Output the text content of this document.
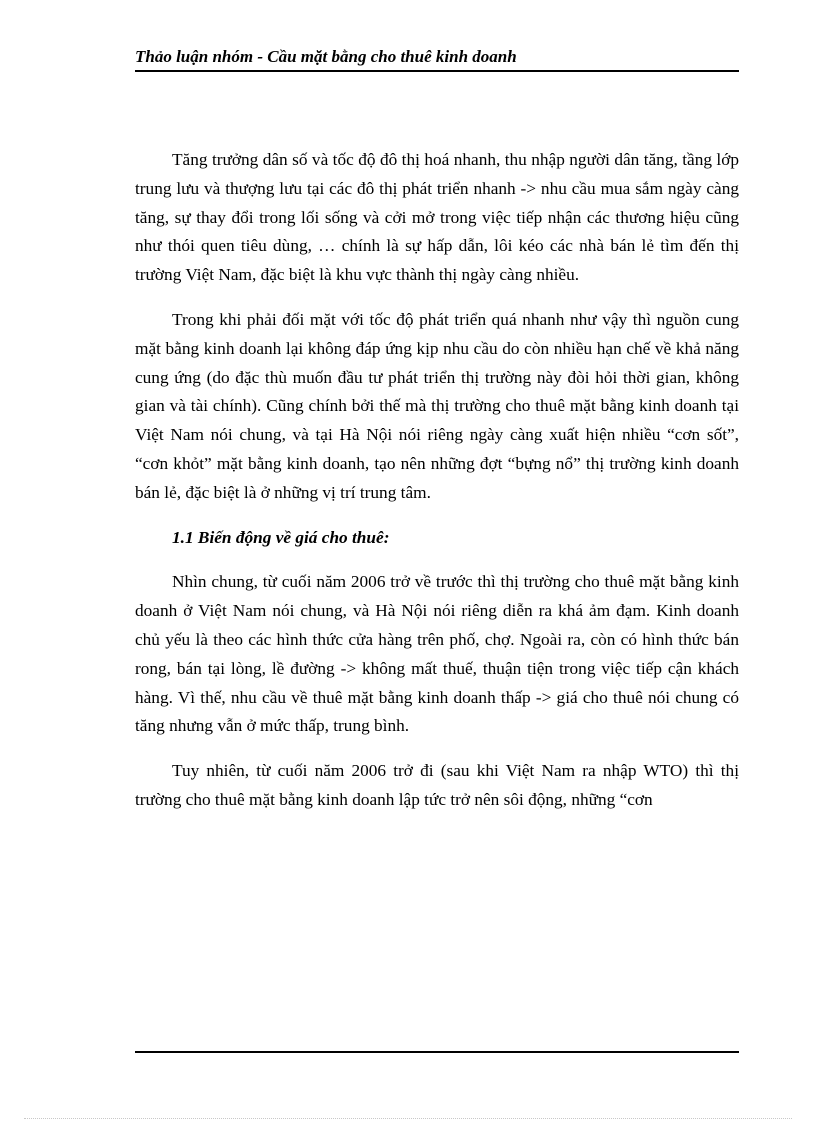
Thảo luận nhóm - Cầu mặt bằng cho thuê kinh doanh

Tăng trưởng dân số và tốc độ đô thị hoá nhanh, thu nhập người dân tăng, tầng lớp trung lưu và thượng lưu tại các đô thị phát triển nhanh -> nhu cầu mua sắm ngày càng tăng, sự thay đổi trong lối sống và cởi mở trong việc tiếp nhận các thương hiệu cũng như thói quen tiêu dùng, … chính là sự hấp dẫn, lôi kéo các nhà bán lẻ tìm đến thị trường Việt Nam, đặc biệt là khu vực thành thị ngày càng nhiều.

Trong khi phải đối mặt với tốc độ phát triển quá nhanh như vậy thì nguồn cung mặt bằng kinh doanh lại không đáp ứng kịp nhu cầu do còn nhiều hạn chế về khả năng cung ứng (do đặc thù muốn đầu tư phát triển thị trường này đòi hỏi thời gian, không gian và tài chính). Cũng chính bởi thế mà thị trường cho thuê mặt bằng kinh doanh tại Việt Nam nói chung, và tại Hà Nội nói riêng ngày càng xuất hiện nhiều “cơn sốt”, “cơn khỏt” mặt bằng kinh doanh, tạo nên những đợt “bựng nổ” thị trường kinh doanh bán lẻ, đặc biệt là ở những vị trí trung tâm.

1.1 Biến động về giá cho thuê:

Nhìn chung, từ cuối năm 2006 trở về trước thì thị trường cho thuê mặt bằng kinh doanh ở Việt Nam nói chung, và Hà Nội nói riêng diễn ra khá ảm đạm. Kinh doanh chủ yếu là theo các hình thức cửa hàng trên phố, chợ. Ngoài ra, còn có hình thức bán rong, bán tại lòng, lề đường -> không mất thuế, thuận tiện trong việc tiếp cận khách hàng. Vì thế, nhu cầu về thuê mặt bằng kinh doanh thấp -> giá cho thuê nói chung có tăng nhưng vẫn ở mức thấp, trung bình.

Tuy nhiên, từ cuối năm 2006 trở đi (sau khi Việt Nam ra nhập WTO) thì thị trường cho thuê mặt bằng kinh doanh lập tức trở nên sôi động, những “cơn
